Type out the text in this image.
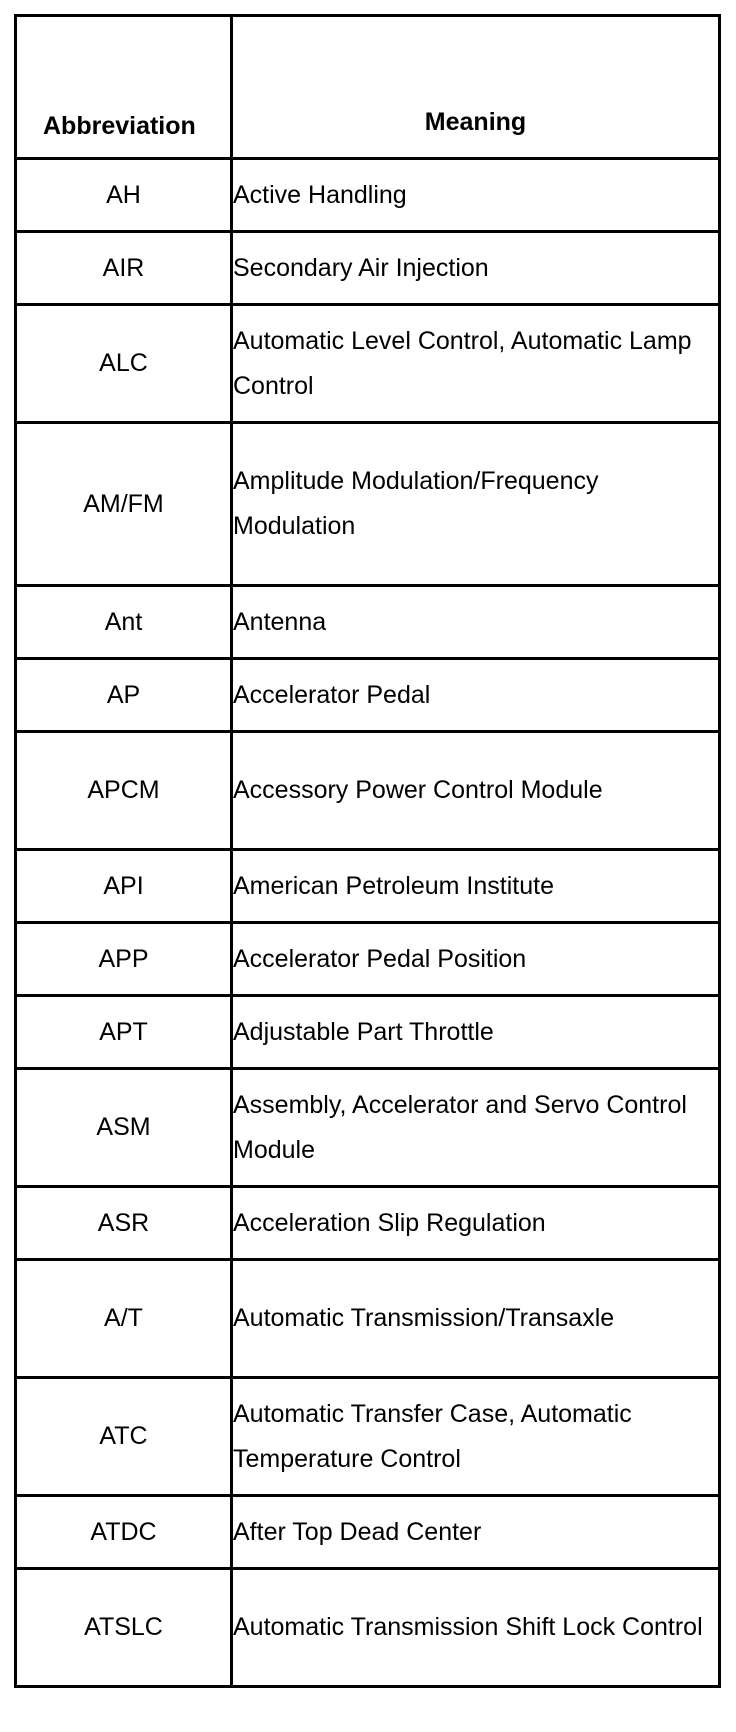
Abbreviation	Meaning
AH	Active Handling
AIR	Secondary Air Injection
ALC	Automatic Level Control, Automatic Lamp Control
AM/FM	Amplitude Modulation/Frequency Modulation
Ant	Antenna
AP	Accelerator Pedal
APCM	Accessory Power Control Module
API	American Petroleum Institute
APP	Accelerator Pedal Position
APT	Adjustable Part Throttle
ASM	Assembly, Accelerator and Servo Control Module
ASR	Acceleration Slip Regulation
A/T	Automatic Transmission/Transaxle
ATC	Automatic Transfer Case, Automatic Temperature Control
ATDC	After Top Dead Center
ATSLC	Automatic Transmission Shift Lock Control
